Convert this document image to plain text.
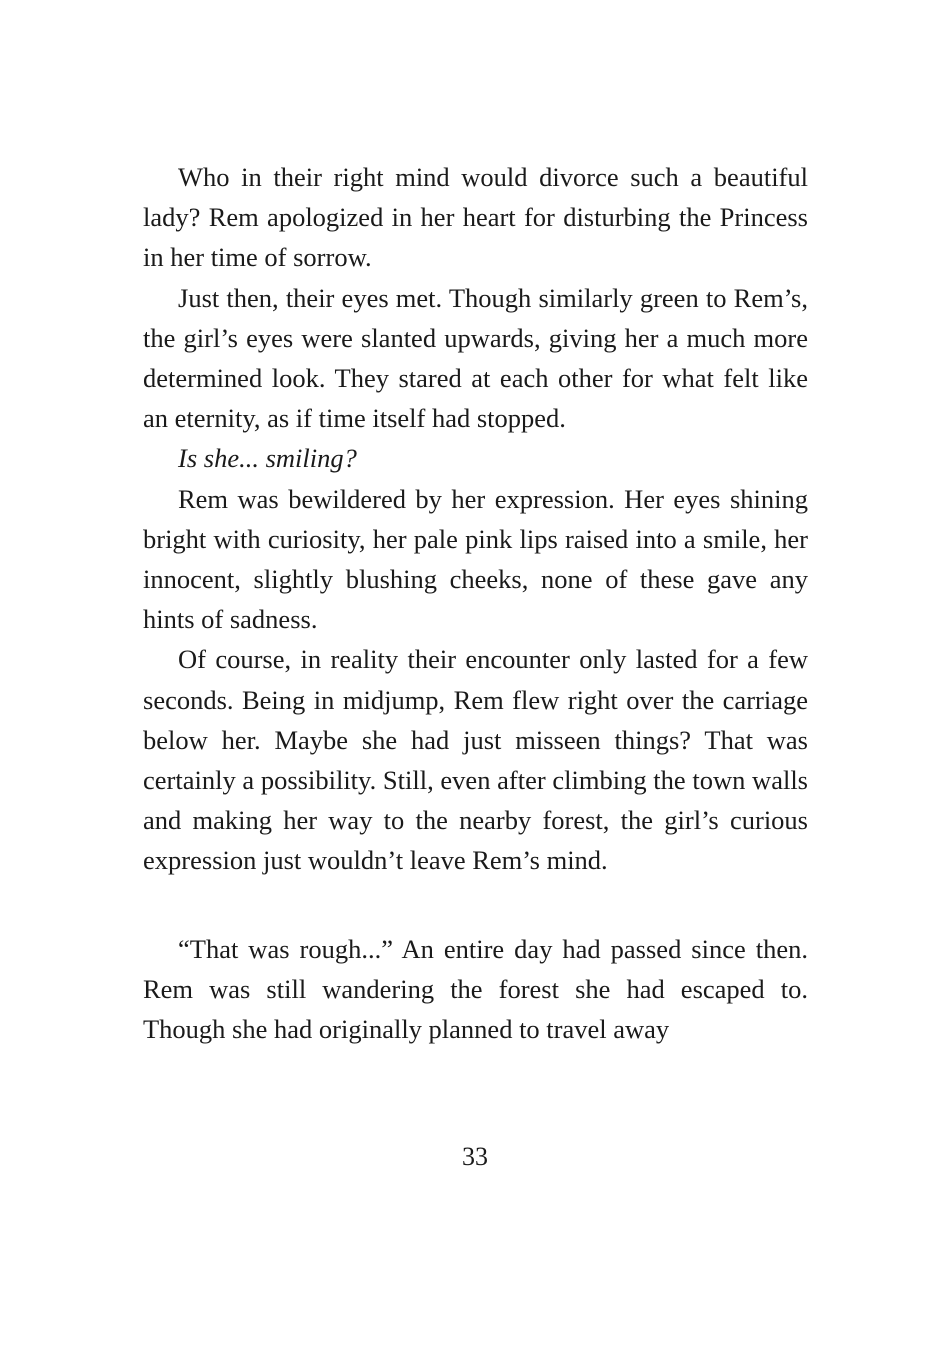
Who in their right mind would divorce such a beautiful lady? Rem apologized in her heart for disturbing the Princess in her time of sorrow.

Just then, their eyes met. Though similarly green to Rem’s, the girl’s eyes were slanted upwards, giving her a much more determined look. They stared at each other for what felt like an eternity, as if time itself had stopped.

Is she... smiling?

Rem was bewildered by her expression. Her eyes shining bright with curiosity, her pale pink lips raised into a smile, her innocent, slightly blushing cheeks, none of these gave any hints of sadness.

Of course, in reality their encounter only lasted for a few seconds. Being in midjump, Rem flew right over the carriage below her. Maybe she had just misseen things? That was certainly a possibility. Still, even after climbing the town walls and making her way to the nearby forest, the girl’s curious expression just wouldn’t leave Rem’s mind.

“That was rough...” An entire day had passed since then. Rem was still wandering the forest she had escaped to. Though she had originally planned to travel away

33
